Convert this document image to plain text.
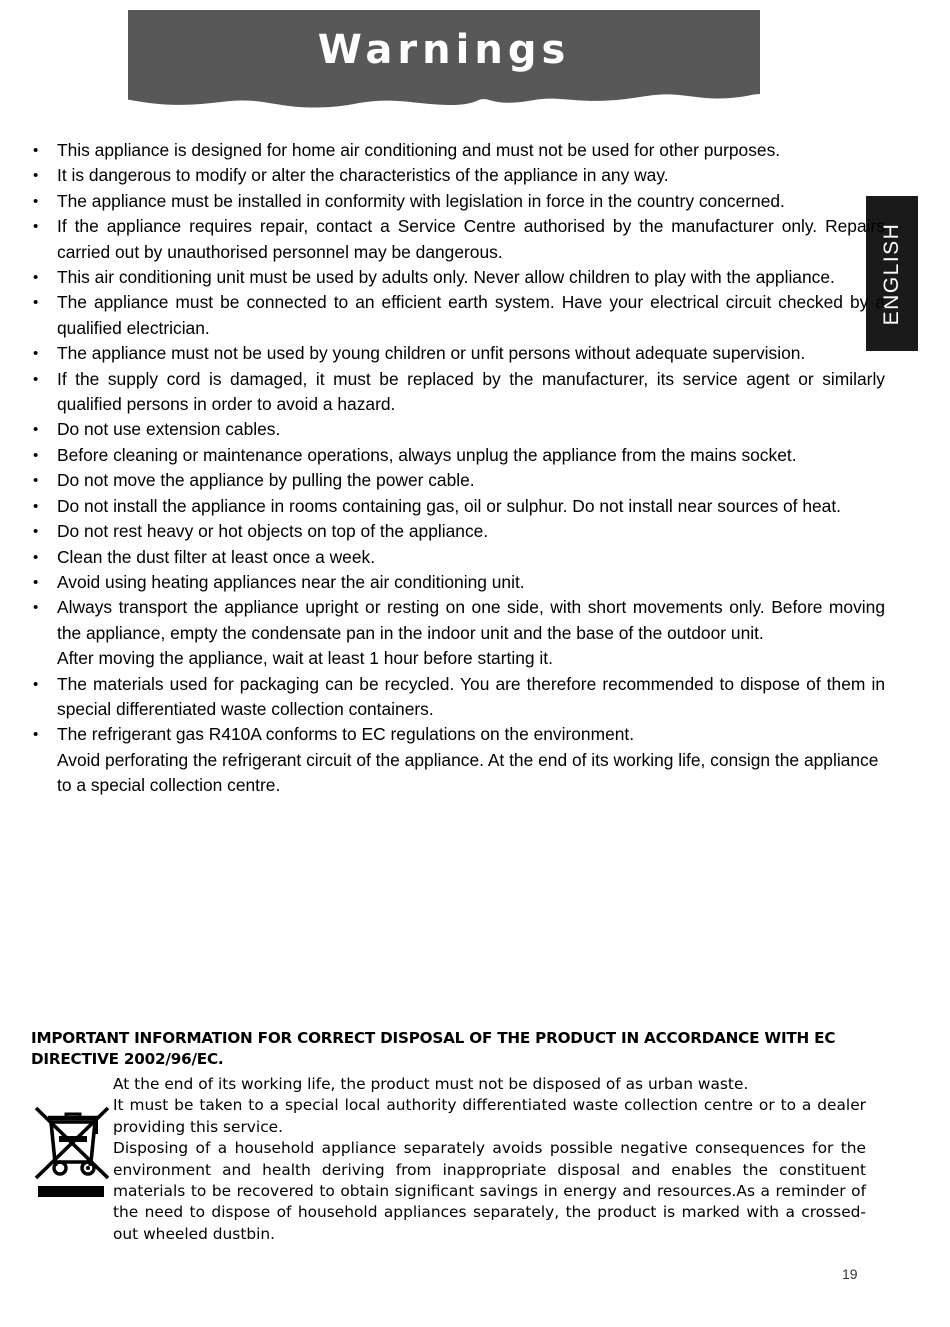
Warnings
ENGLISH
• This appliance is designed for home air conditioning and must not be used for other purposes.
• It is dangerous to modify or alter the characteristics of the appliance in any way.
• The appliance must be installed in conformity with legislation in force in the country concerned.
• If the appliance requires repair, contact a Service Centre authorised by the manufacturer only. Repairs carried out by unauthorised personnel may be dangerous.
• This air conditioning unit must be used by adults only. Never allow children to play with the appliance.
• The appliance must be connected to an efficient earth system. Have your electrical circuit checked by a qualified electrician.
• The appliance must not be used by young children or unfit persons without adequate supervision.
• If the supply cord is damaged, it must be replaced by the manufacturer, its service agent or similarly qualified persons in order to avoid a hazard.
• Do not use extension cables.
• Before cleaning or maintenance operations, always unplug the appliance from the mains socket.
• Do not move the appliance by pulling the power cable.
• Do not install the appliance in rooms containing gas, oil or sulphur. Do not install near sources of heat.
• Do not rest heavy or hot objects on top of the appliance.
• Clean the dust filter at least once a week.
• Avoid using heating appliances near the air conditioning unit.
• Always transport the appliance upright or resting on one side, with short movements only. Before moving the appliance, empty the condensate pan in the indoor unit and the base of the outdoor unit.
After moving the appliance, wait at least 1 hour before starting it.
• The materials used for packaging can be recycled. You are therefore recommended to dispose of them in special differentiated waste collection containers.
• The refrigerant gas R410A conforms to EC regulations on the environment.
Avoid perforating the refrigerant circuit of the appliance. At the end of its working life, consign the appliance to a special collection centre.
IMPORTANT INFORMATION FOR CORRECT DISPOSAL OF THE PRODUCT IN ACCORDANCE WITH EC DIRECTIVE 2002/96/EC.

At the end of its working life, the product must not be disposed of as urban waste.

It must be taken to a special local authority differentiated waste collection centre or to a dealer providing this service.

Disposing of a household appliance separately avoids possible negative consequences for the environment and health deriving from inappropriate disposal and enables the constituent materials to be recovered to obtain significant savings in energy and resources.As a reminder of the need to dispose of household appliances separately, the product is marked with a crossed-out wheeled dustbin.

19
